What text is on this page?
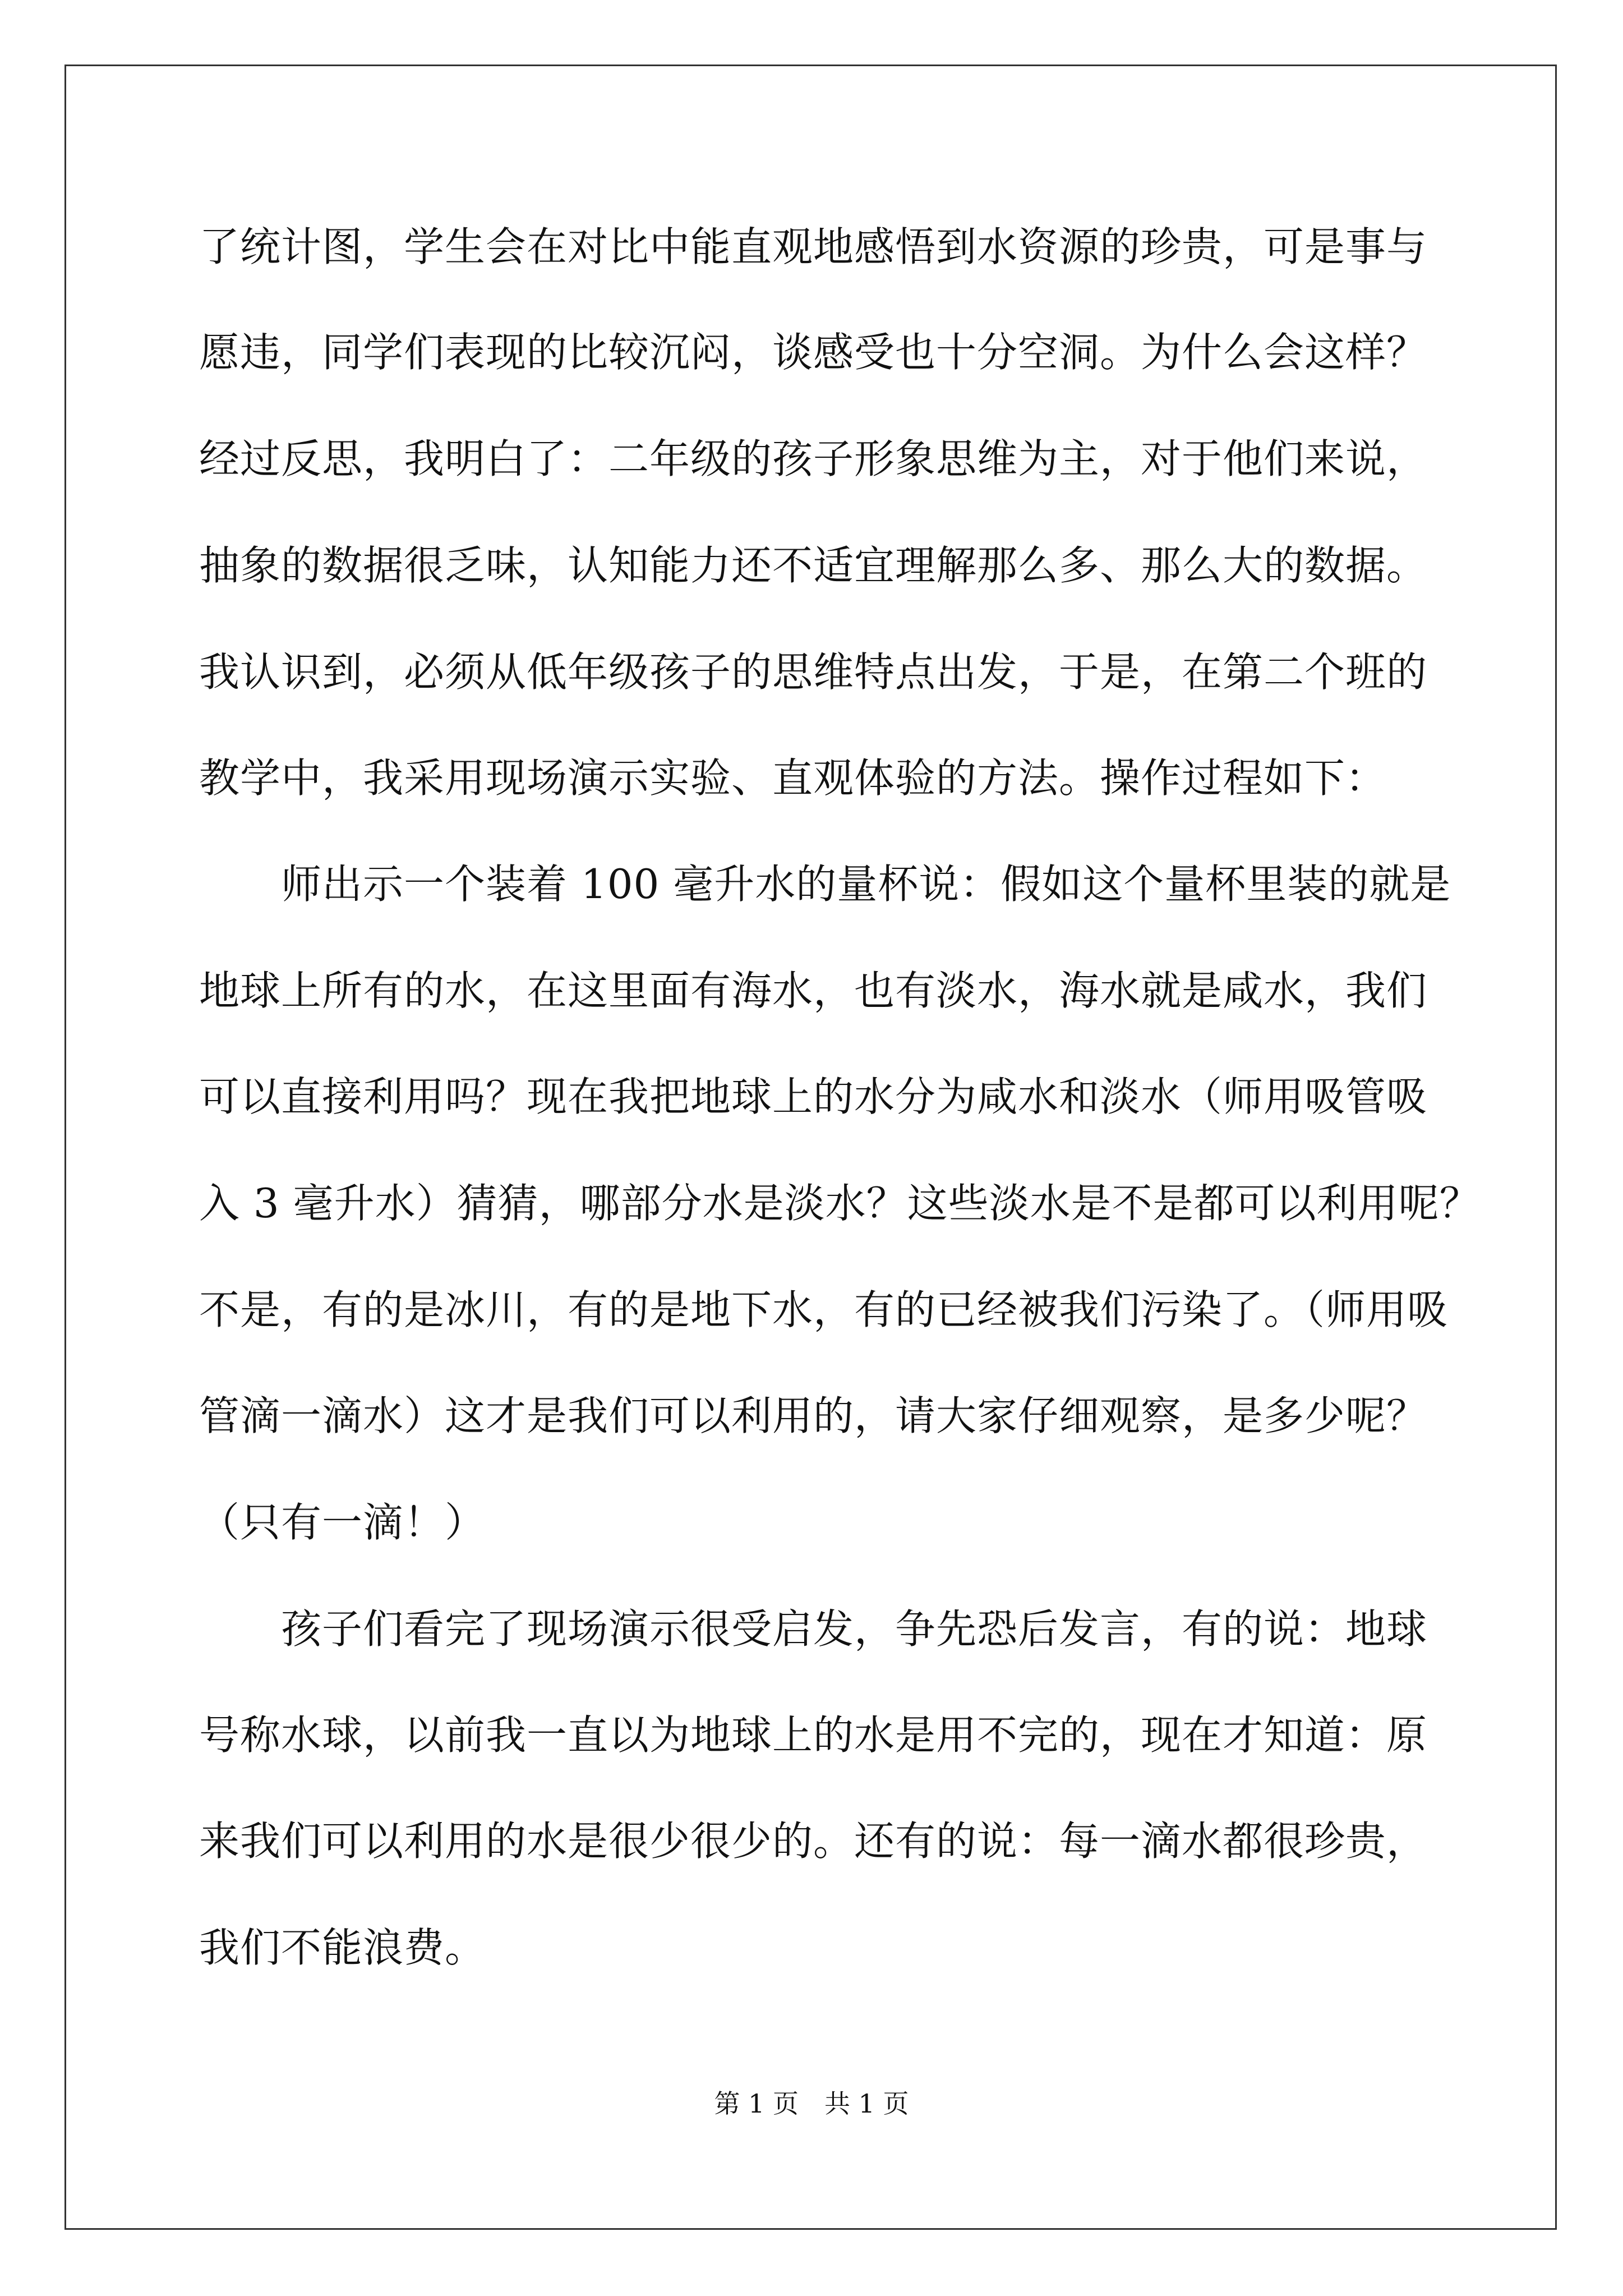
了统计图，学生会在对比中能直观地感悟到水资源的珍贵，可是事与
愿违，同学们表现的比较沉闷，谈感受也十分空洞。为什么会这样？
经过反思，我明白了：二年级的孩子形象思维为主，对于他们来说，
抽象的数据很乏味，认知能力还不适宜理解那么多、那么大的数据。
我认识到，必须从低年级孩子的思维特点出发，于是，在第二个班的
教学中，我采用现场演示实验、直观体验的方法。操作过程如下：
　　师出示一个装着 100 毫升水的量杯说：假如这个量杯里装的就是
地球上所有的水，在这里面有海水，也有淡水，海水就是咸水，我们
可以直接利用吗？现在我把地球上的水分为咸水和淡水（师用吸管吸
入 3 毫升水）猜猜，哪部分水是淡水？这些淡水是不是都可以利用呢？
不是，有的是冰川，有的是地下水，有的已经被我们污染了。（师用吸
管滴一滴水）这才是我们可以利用的，请大家仔细观察，是多少呢？
（只有一滴！）
　　孩子们看完了现场演示很受启发，争先恐后发言，有的说：地球
号称水球，以前我一直以为地球上的水是用不完的，现在才知道：原
来我们可以利用的水是很少很少的。还有的说：每一滴水都很珍贵，
我们不能浪费。
第 1 页　共 1 页
